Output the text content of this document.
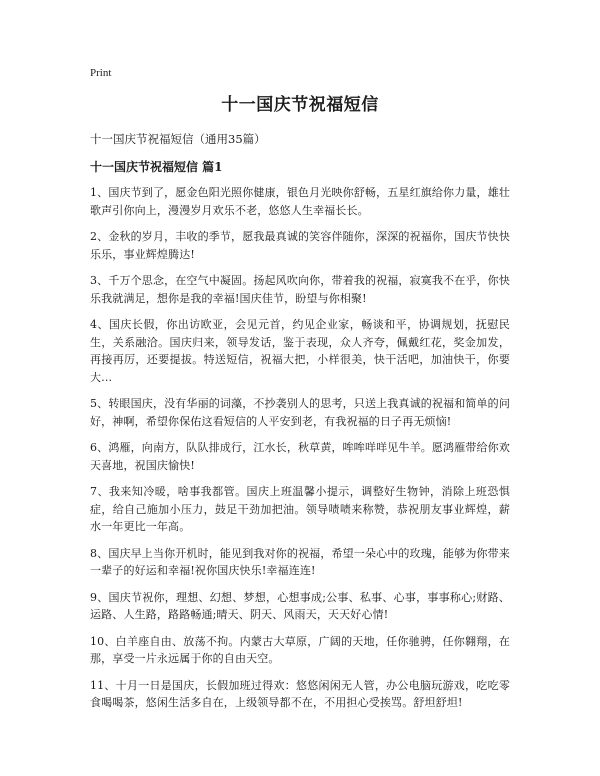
Print
十一国庆节祝福短信
十一国庆节祝福短信（通用35篇）
十一国庆节祝福短信 篇1

1、国庆节到了，愿金色阳光照你健康，银色月光映你舒畅，五星红旗给你力量，雄壮歌声引你向上，漫漫岁月欢乐不老，悠悠人生幸福长长。

2、金秋的岁月，丰收的季节，愿我最真诚的笑容伴随你，深深的祝福你，国庆节快快乐乐，事业辉煌腾达!

3、千万个思念，在空气中凝固。扬起风吹向你，带着我的祝福，寂寞我不在乎，你快乐我就满足，想你是我的幸福!国庆佳节，盼望与你相聚!

4、国庆长假，你出访欧亚，会见元首，约见企业家，畅谈和平，协调规划，抚慰民生，关系融洽。国庆归来，领导发话，鉴于表现，众人齐夸，佩戴红花，奖金加发，再接再厉，还要提拔。特送短信，祝福大把，小样很美，快干活吧，加油快干，你要大…

5、转眼国庆，没有华丽的词藻，不抄袭别人的思考，只送上我真诚的祝福和简单的问好，神啊，希望你保佑这看短信的人平安到老，有我祝福的日子再无烦恼!

6、鸿雁，向南方，队队排成行，江水长，秋草黄，哞哞咩咩见牛羊。愿鸿雁带给你欢天喜地，祝国庆愉快!

7、我来知冷暖，啥事我都管。国庆上班温馨小提示，调整好生物钟，消除上班恐惧症，给自己施加小压力，鼓足干劲加把油。领导啧啧来称赞，恭祝朋友事业辉煌，薪水一年更比一年高。

8、国庆早上当你开机时，能见到我对你的祝福，希望一朵心中的玫瑰，能够为你带来一辈子的好运和幸福!祝你国庆快乐!幸福连连!

9、国庆节祝你，理想、幻想、梦想，心想事成;公事、私事、心事，事事称心;财路、运路、人生路，路路畅通;晴天、阴天、风雨天，天天好心情!

10、白羊座自由、放荡不拘。内蒙古大草原，广阔的天地，任你驰骋，任你翱翔，在那，享受一片永远属于你的自由天空。

11、十月一日是国庆，长假加班过得欢：悠悠闲闲无人管，办公电脑玩游戏，吃吃零食喝喝茶，悠闲生活多自在，上级领导都不在，不用担心受挨骂。舒坦舒坦!
